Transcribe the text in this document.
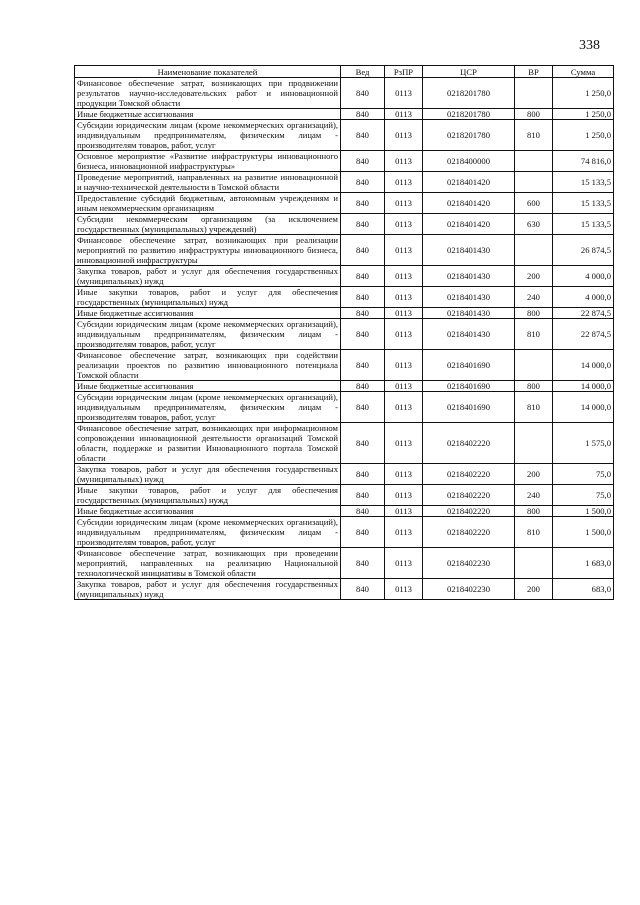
338
Наименование показателей	Вед	РзПР	ЦСР	ВР	Сумма
Финансовое обеспечение затрат, возникающих при продвижении результатов научно-исследовательских работ и инновационной продукции Томской области	840	0113	0218201780		1 250,0
Иные бюджетные ассигнования	840	0113	0218201780	800	1 250,0
Субсидии юридическим лицам (кроме некоммерческих организаций), индивидуальным предпринимателям, физическим лицам - производителям товаров, работ, услуг	840	0113	0218201780	810	1 250,0
Основное мероприятие «Развитие инфраструктуры инновационного бизнеса, инновационной инфраструктуры»	840	0113	0218400000		74 816,0
Проведение мероприятий, направленных на развитие инновационной и научно-технической деятельности в Томской области	840	0113	0218401420		15 133,5
Предоставление субсидий бюджетным, автономным учреждениям и иным некоммерческим организациям	840	0113	0218401420	600	15 133,5
Субсидии некоммерческим организациям (за исключением государственных (муниципальных) учреждений)	840	0113	0218401420	630	15 133,5
Финансовое обеспечение затрат, возникающих при реализации мероприятий по развитию инфраструктуры инновационного бизнеса, инновационной инфраструктуры	840	0113	0218401430		26 874,5
Закупка товаров, работ и услуг для обеспечения государственных (муниципальных) нужд	840	0113	0218401430	200	4 000,0
Иные закупки товаров, работ и услуг для обеспечения государственных (муниципальных) нужд	840	0113	0218401430	240	4 000,0
Иные бюджетные ассигнования	840	0113	0218401430	800	22 874,5
Субсидии юридическим лицам (кроме некоммерческих организаций), индивидуальным предпринимателям, физическим лицам - производителям товаров, работ, услуг	840	0113	0218401430	810	22 874,5
Финансовое обеспечение затрат, возникающих при содействии реализации проектов по развитию инновационного потенциала Томской области	840	0113	0218401690		14 000,0
Иные бюджетные ассигнования	840	0113	0218401690	800	14 000,0
Субсидии юридическим лицам (кроме некоммерческих организаций), индивидуальным предпринимателям, физическим лицам - производителям товаров, работ, услуг	840	0113	0218401690	810	14 000,0
Финансовое обеспечение затрат, возникающих при информационном сопровождении инновационной деятельности организаций Томской области, поддержке и развитии Инновационного портала Томской области	840	0113	0218402220		1 575,0
Закупка товаров, работ и услуг для обеспечения государственных (муниципальных) нужд	840	0113	0218402220	200	75,0
Иные закупки товаров, работ и услуг для обеспечения государственных (муниципальных) нужд	840	0113	0218402220	240	75,0
Иные бюджетные ассигнования	840	0113	0218402220	800	1 500,0
Субсидии юридическим лицам (кроме некоммерческих организаций), индивидуальным предпринимателям, физическим лицам - производителям товаров, работ, услуг	840	0113	0218402220	810	1 500,0
Финансовое обеспечение затрат, возникающих при проведении мероприятий, направленных на реализацию Национальной технологической инициативы в Томской области	840	0113	0218402230		1 683,0
Закупка товаров, работ и услуг для обеспечения государственных (муниципальных) нужд	840	0113	0218402230	200	683,0
